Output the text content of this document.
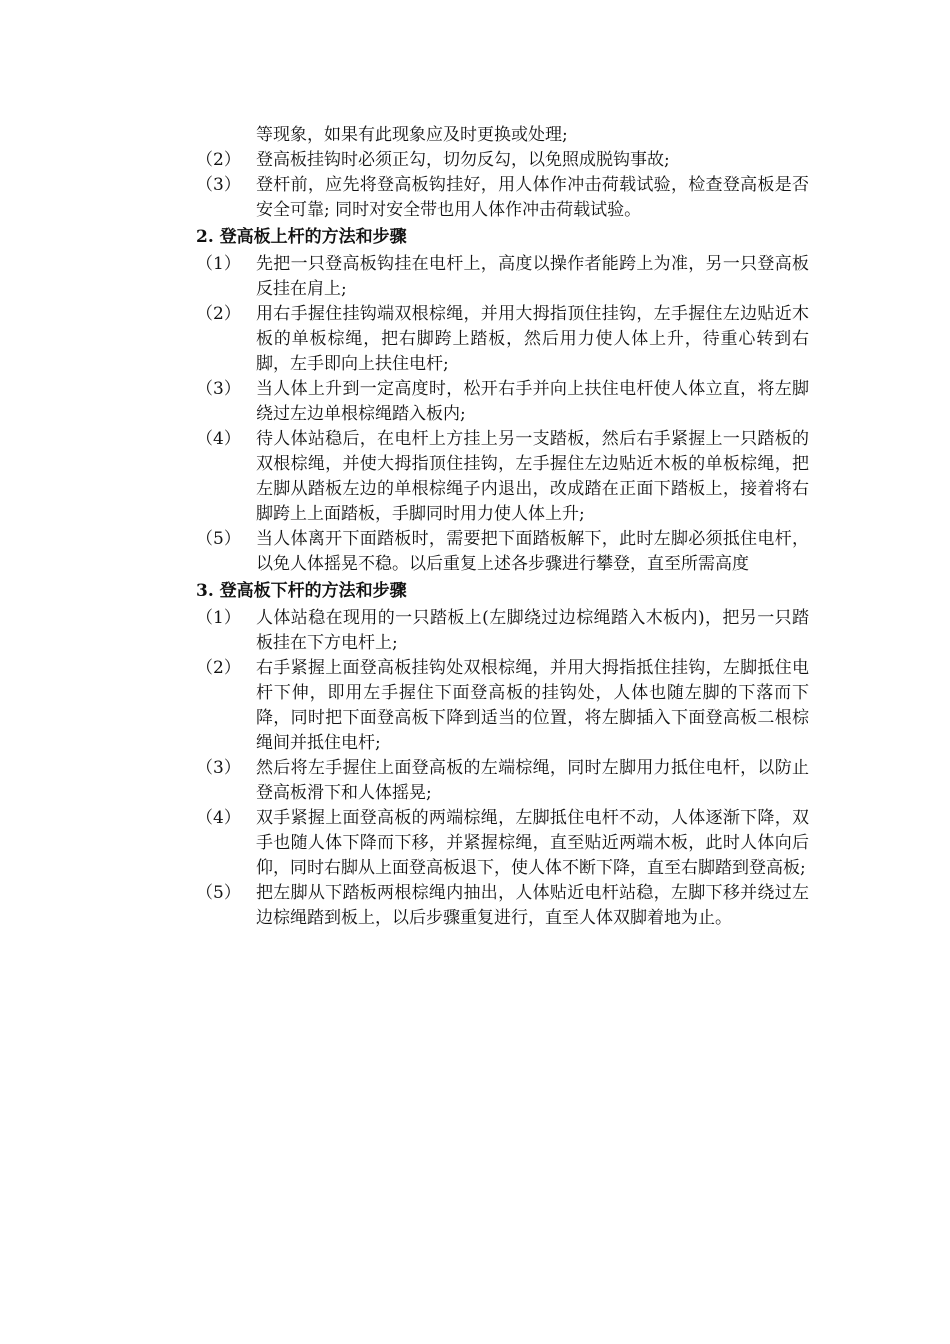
等现象，如果有此现象应及时更换或处理;
（2） 登高板挂钩时必须正勾，切勿反勾，以免照成脱钩事故;
（3） 登杆前，应先将登高板钩挂好，用人体作冲击荷载试验，检查登高板是否安全可靠; 同时对安全带也用人体作冲击荷载试验。
2. 登高板上杆的方法和步骤
（1） 先把一只登高板钩挂在电杆上，高度以操作者能跨上为准，另一只登高板反挂在肩上;
（2） 用右手握住挂钩端双根棕绳，并用大拇指顶住挂钩，左手握住左边贴近木板的单板棕绳，把右脚跨上踏板，然后用力使人体上升，待重心转到右脚，左手即向上扶住电杆;
（3） 当人体上升到一定高度时，松开右手并向上扶住电杆使人体立直，将左脚绕过左边单根棕绳踏入板内;
（4） 待人体站稳后，在电杆上方挂上另一支踏板，然后右手紧握上一只踏板的双根棕绳，并使大拇指顶住挂钩，左手握住左边贴近木板的单板棕绳，把左脚从踏板左边的单根棕绳子内退出，改成踏在正面下踏板上，接着将右脚跨上上面踏板，手脚同时用力使人体上升;
（5） 当人体离开下面踏板时，需要把下面踏板解下，此时左脚必须抵住电杆，以免人体摇晃不稳。以后重复上述各步骤进行攀登，直至所需高度
3. 登高板下杆的方法和步骤
（1） 人体站稳在现用的一只踏板上(左脚绕过边棕绳踏入木板内)，把另一只踏板挂在下方电杆上;
（2） 右手紧握上面登高板挂钩处双根棕绳，并用大拇指抵住挂钩，左脚抵住电杆下伸，即用左手握住下面登高板的挂钩处，人体也随左脚的下落而下降，同时把下面登高板下降到适当的位置，将左脚插入下面登高板二根棕绳间并抵住电杆;
（3） 然后将左手握住上面登高板的左端棕绳，同时左脚用力抵住电杆，以防止登高板滑下和人体摇晃;
（4） 双手紧握上面登高板的两端棕绳，左脚抵住电杆不动，人体逐渐下降，双手也随人体下降而下移，并紧握棕绳，直至贴近两端木板，此时人体向后仰，同时右脚从上面登高板退下，使人体不断下降，直至右脚踏到登高板;
（5） 把左脚从下踏板两根棕绳内抽出，人体贴近电杆站稳，左脚下移并绕过左边棕绳踏到板上，以后步骤重复进行，直至人体双脚着地为止。
